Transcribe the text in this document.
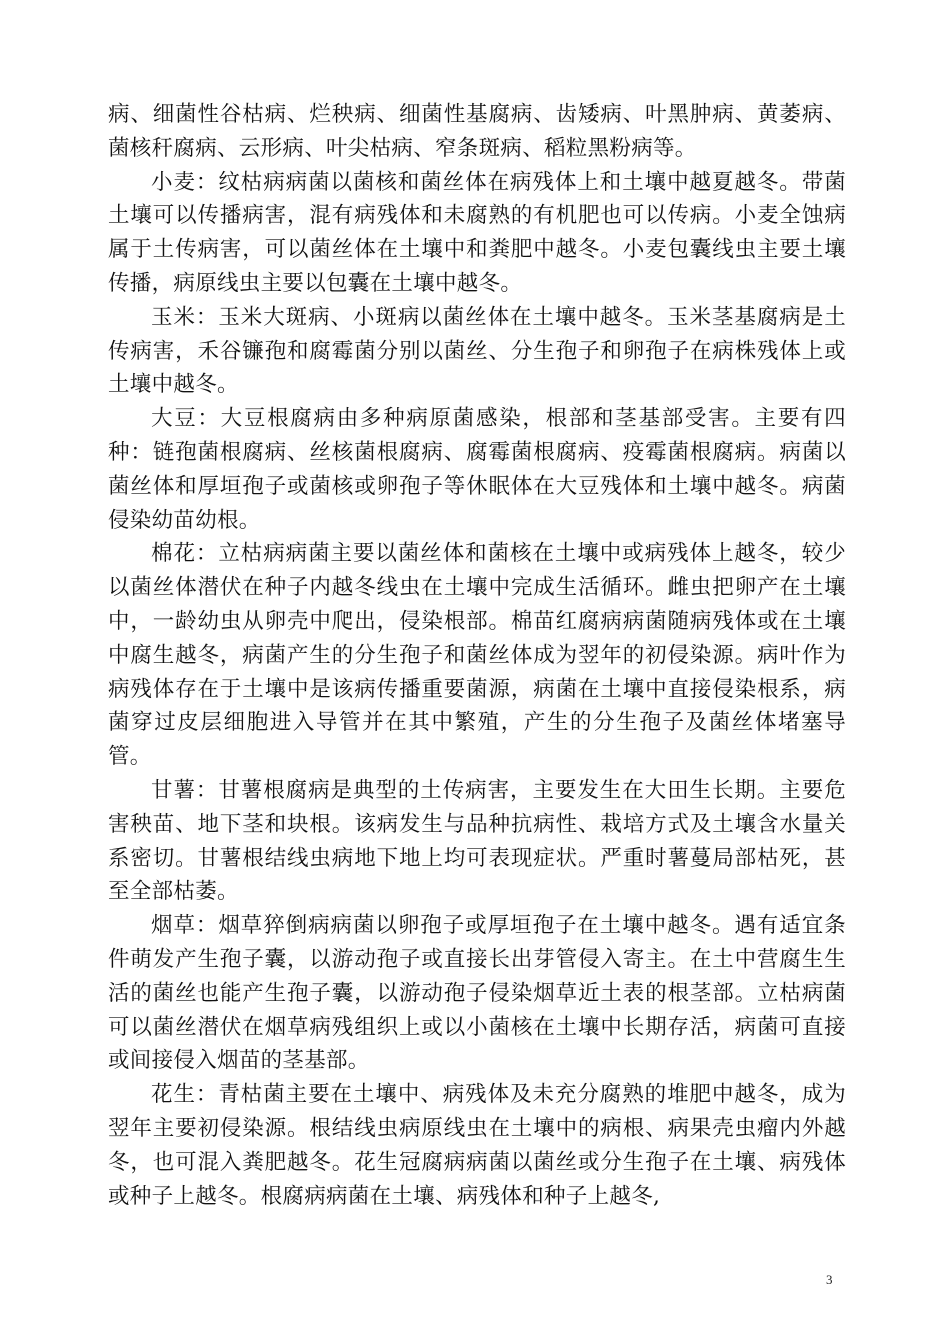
病、细菌性谷枯病、烂秧病、细菌性基腐病、齿矮病、叶黑肿病、黄萎病、菌核秆腐病、云形病、叶尖枯病、窄条斑病、稻粒黑粉病等。

小麦：纹枯病病菌以菌核和菌丝体在病残体上和土壤中越夏越冬。带菌土壤可以传播病害，混有病残体和未腐熟的有机肥也可以传病。小麦全蚀病属于土传病害，可以菌丝体在土壤中和粪肥中越冬。小麦包囊线虫主要土壤传播，病原线虫主要以包囊在土壤中越冬。

玉米：玉米大斑病、小斑病以菌丝体在土壤中越冬。玉米茎基腐病是土传病害，禾谷镰孢和腐霉菌分别以菌丝、分生孢子和卵孢子在病株残体上或土壤中越冬。

大豆：大豆根腐病由多种病原菌感染，根部和茎基部受害。主要有四种：链孢菌根腐病、丝核菌根腐病、腐霉菌根腐病、疫霉菌根腐病。病菌以菌丝体和厚垣孢子或菌核或卵孢子等休眠体在大豆残体和土壤中越冬。病菌侵染幼苗幼根。

棉花：立枯病病菌主要以菌丝体和菌核在土壤中或病残体上越冬，较少以菌丝体潜伏在种子内越冬线虫在土壤中完成生活循环。雌虫把卵产在土壤中，一龄幼虫从卵壳中爬出，侵染根部。棉苗红腐病病菌随病残体或在土壤中腐生越冬，病菌产生的分生孢子和菌丝体成为翌年的初侵染源。病叶作为病残体存在于土壤中是该病传播重要菌源，病菌在土壤中直接侵染根系，病菌穿过皮层细胞进入导管并在其中繁殖，产生的分生孢子及菌丝体堵塞导管。

甘薯：甘薯根腐病是典型的土传病害，主要发生在大田生长期。主要危害秧苗、地下茎和块根。该病发生与品种抗病性、栽培方式及土壤含水量关系密切。甘薯根结线虫病地下地上均可表现症状。严重时薯蔓局部枯死，甚至全部枯萎。

烟草：烟草猝倒病病菌以卵孢子或厚垣孢子在土壤中越冬。遇有适宜条件萌发产生孢子囊，以游动孢子或直接长出芽管侵入寄主。在土中营腐生生活的菌丝也能产生孢子囊，以游动孢子侵染烟草近土表的根茎部。立枯病菌可以菌丝潜伏在烟草病残组织上或以小菌核在土壤中长期存活，病菌可直接或间接侵入烟苗的茎基部。

花生：青枯菌主要在土壤中、病残体及未充分腐熟的堆肥中越冬，成为翌年主要初侵染源。根结线虫病原线虫在土壤中的病根、病果壳虫瘤内外越冬，也可混入粪肥越冬。花生冠腐病病菌以菌丝或分生孢子在土壤、病残体或种子上越冬。根腐病病菌在土壤、病残体和种子上越冬,

3
